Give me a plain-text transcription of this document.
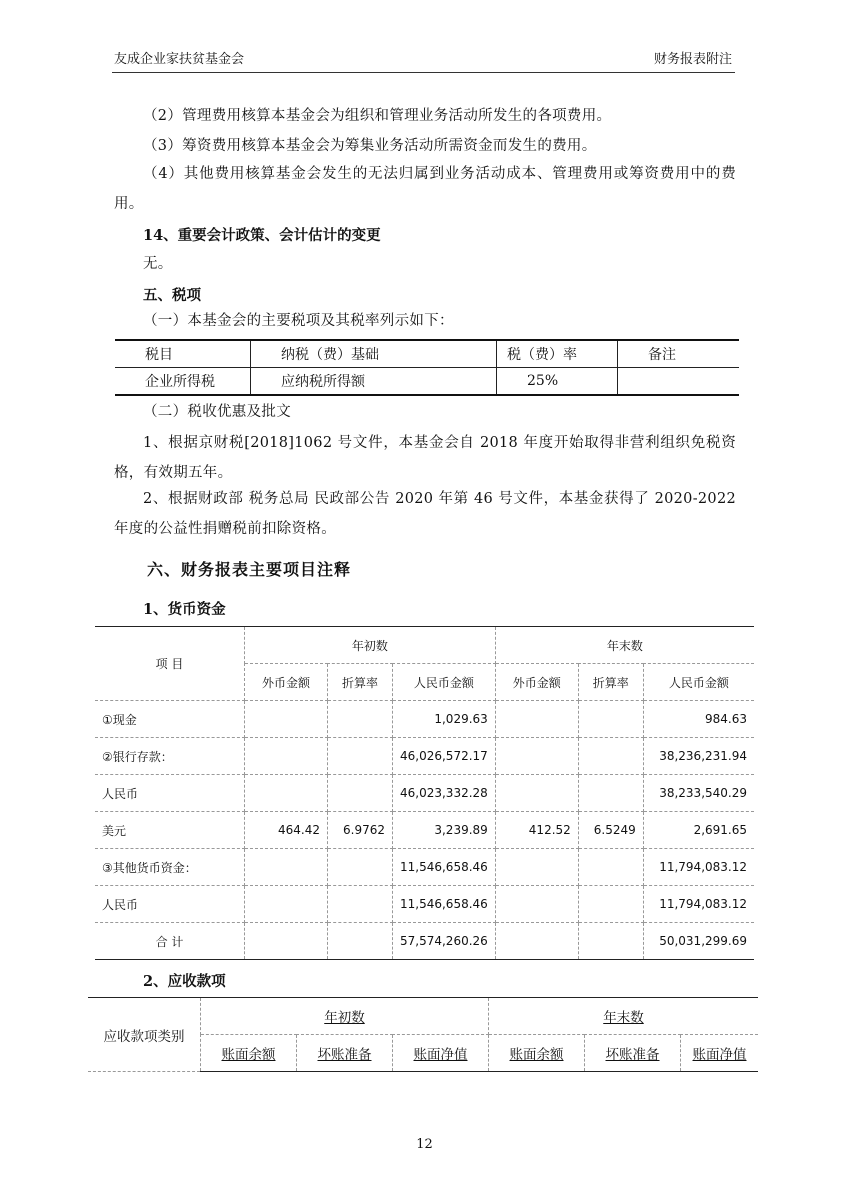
友成企业家扶贫基金会	财务报表附注
（2）管理费用核算本基金会为组织和管理业务活动所发生的各项费用。
（3）筹资费用核算本基金会为筹集业务活动所需资金而发生的费用。
（4）其他费用核算基金会发生的无法归属到业务活动成本、管理费用或筹资费用中的费用。
14、重要会计政策、会计估计的变更
无。
五、税项
（一）本基金会的主要税项及其税率列示如下：
税目	纳税（费）基础	税（费）率	备注
企业所得税	应纳税所得额	25%	
（二）税收优惠及批文
1、根据京财税[2018]1062 号文件，本基金会自 2018 年度开始取得非营利组织免税资格，有效期五年。
2、根据财政部 税务总局 民政部公告 2020 年第 46 号文件，本基金获得了 2020-2022 年度的公益性捐赠税前扣除资格。
六、财务报表主要项目注释
1、货币资金
项 目	年初数			年末数		
	外币金额	折算率	人民币金额	外币金额	折算率	人民币金额
①现金			1,029.63			984.63
②银行存款：			46,026,572.17			38,236,231.94
人民币			46,023,332.28			38,233,540.29
美元	464.42	6.9762	3,239.89	412.52	6.5249	2,691.65
③其他货币资金：			11,546,658.46			11,794,083.12
人民币			11,546,658.46			11,794,083.12
合 计			57,574,260.26			50,031,299.69
2、应收款项
应收款项类别	年初数			年末数		
	账面余额	坏账准备	账面净值	账面余额	坏账准备	账面净值
12
